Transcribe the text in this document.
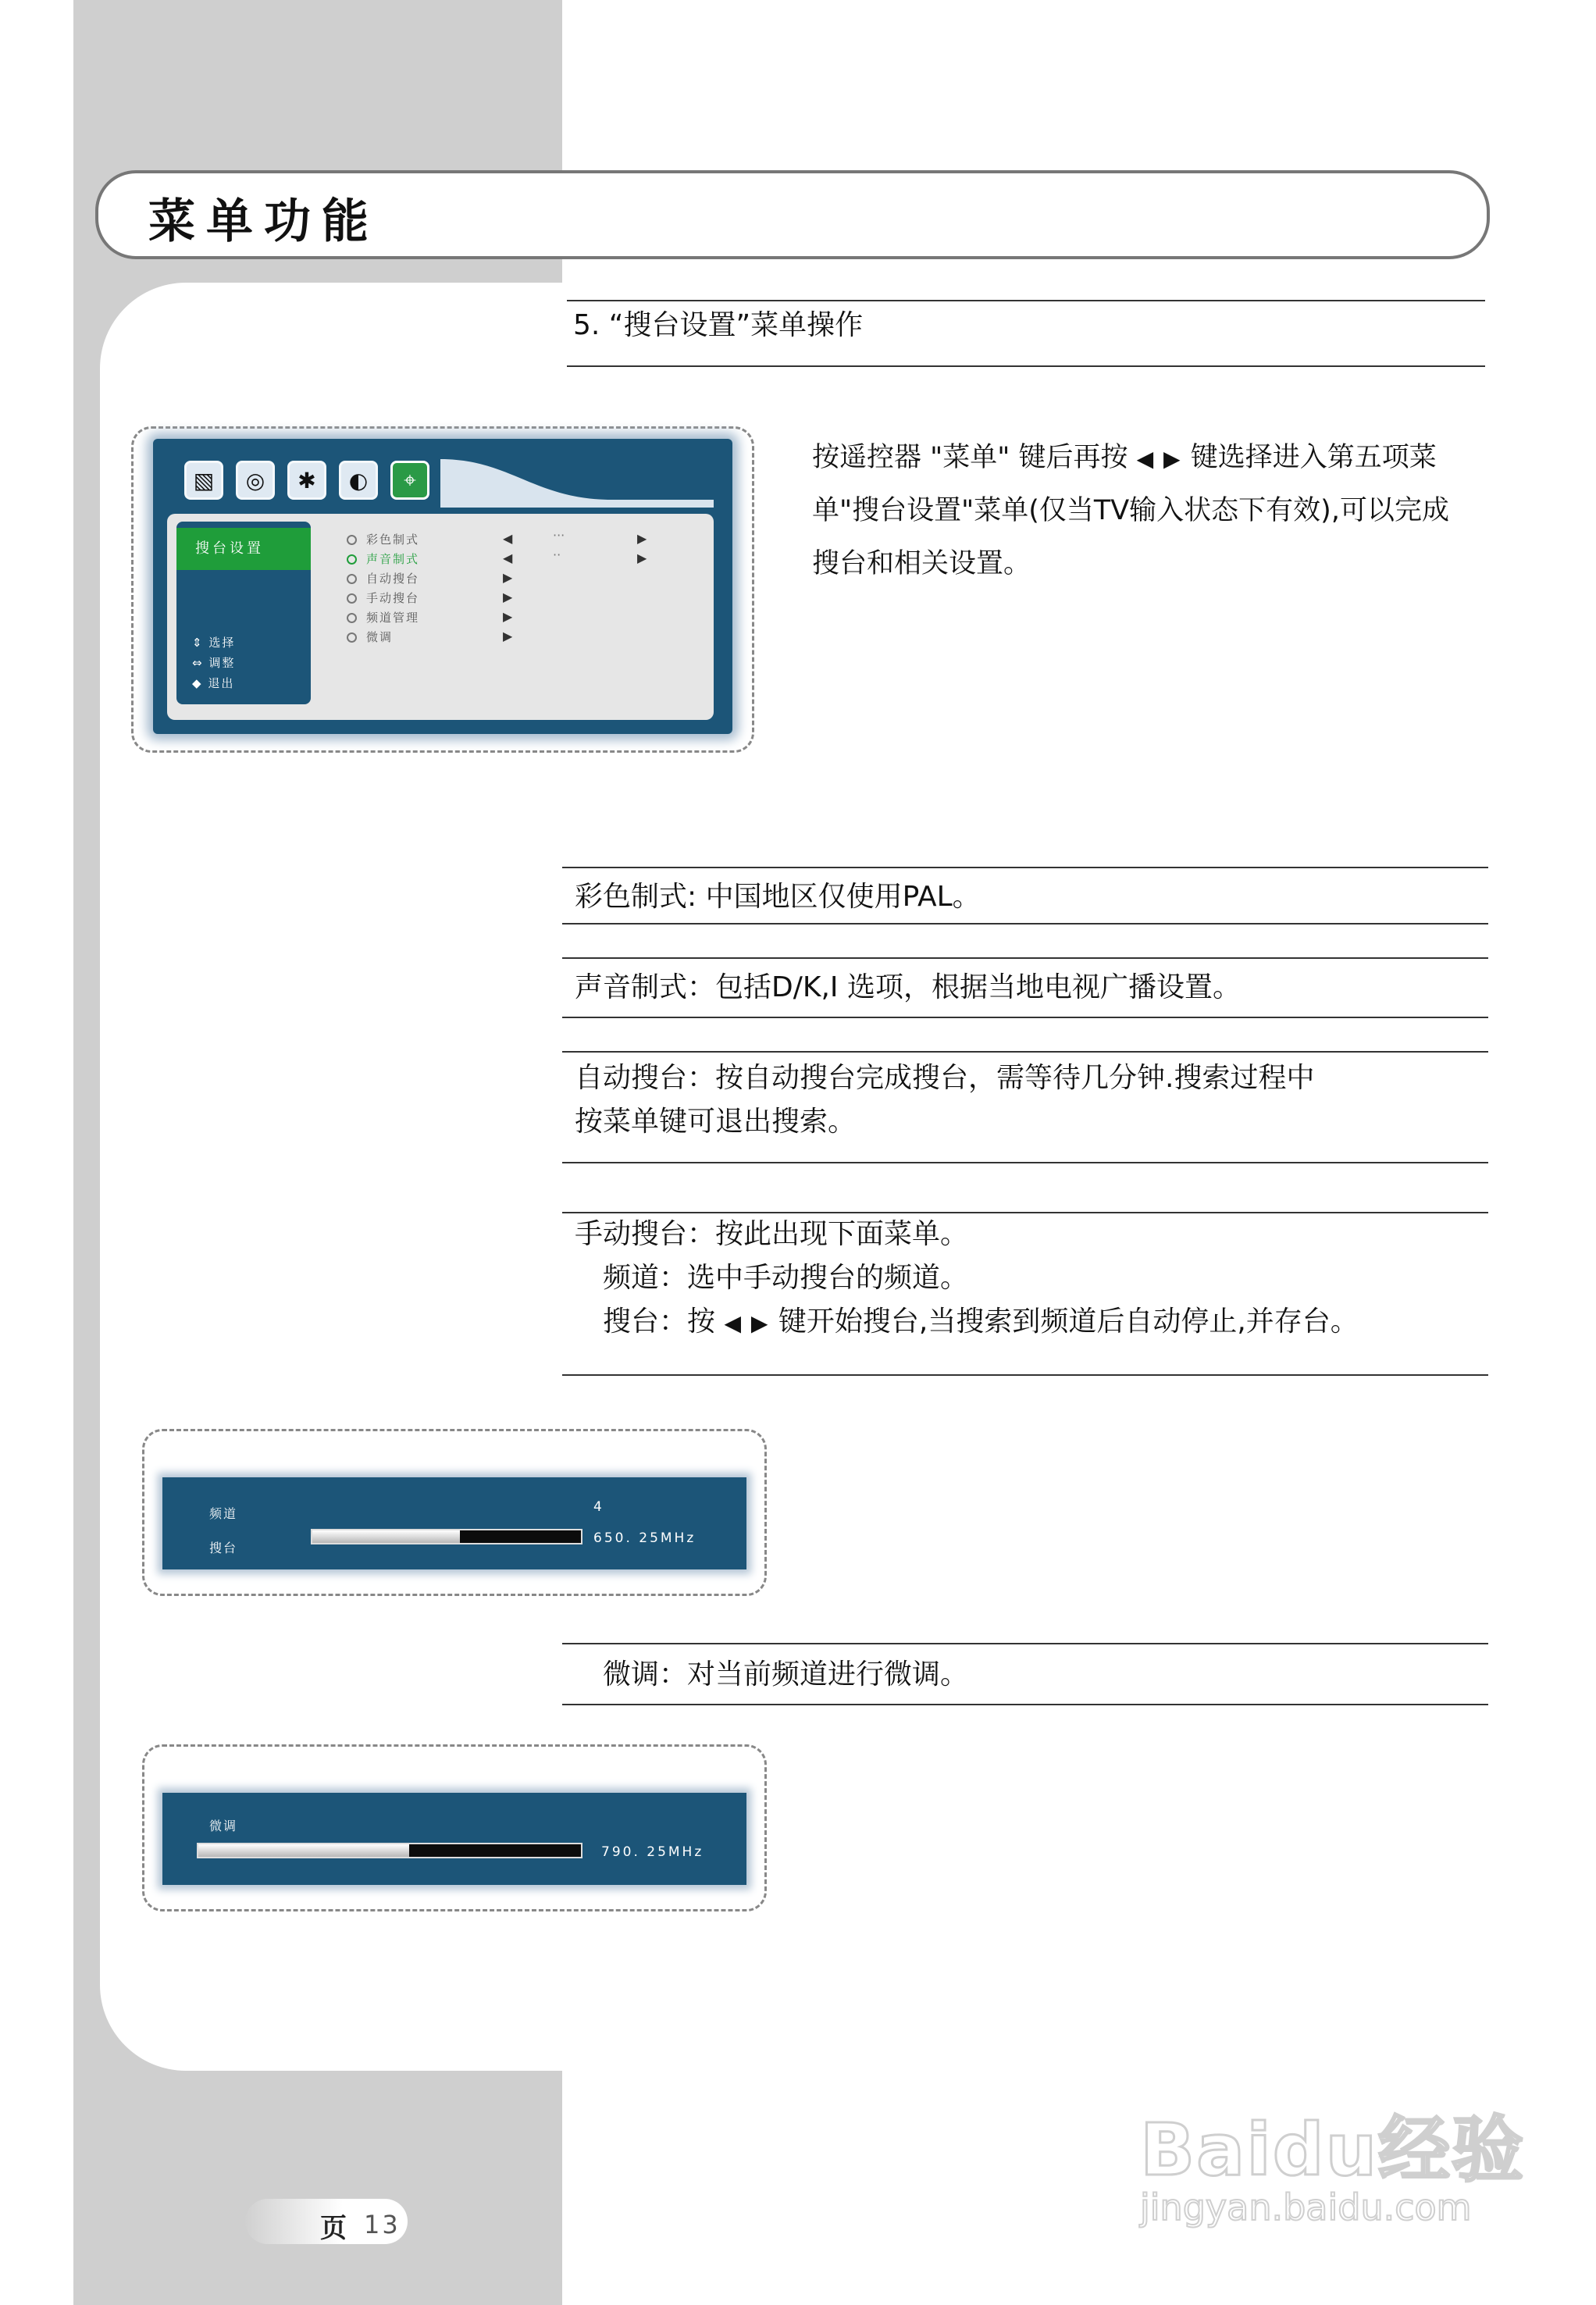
菜单功能
5. “搜台设置”菜单操作
▧	◎	✱	◐	⌖
搜台设置
⇕ 选择
⇔ 调整
◆ 退出
彩色制式	◀	···	▶
声音制式	◀	··	▶
自动搜台	▶
手动搜台	▶
频道管理	▶
微调	▶
按遥控器 "菜单" 键后再按 ◀ ▶ 键选择进入第五项菜
单"搜台设置"菜单(仅当TV输入状态下有效),可以完成
搜台和相关设置。
彩色制式: 中国地区仅使用PAL。
声音制式：包括D/K,I 选项，根据当地电视广播设置。
自动搜台：按自动搜台完成搜台，需等待几分钟.搜索过程中
按菜单键可退出搜索。
手动搜台：按此出现下面菜单。
频道：选中手动搜台的频道。
搜台：按 ◀ ▶ 键开始搜台,当搜索到频道后自动停止,并存台。
频道
搜台
4
650. 25MHz
微调：对当前频道进行微调。
微调
790. 25MHz
页 13
Baidu经验
jingyan.baidu.com
